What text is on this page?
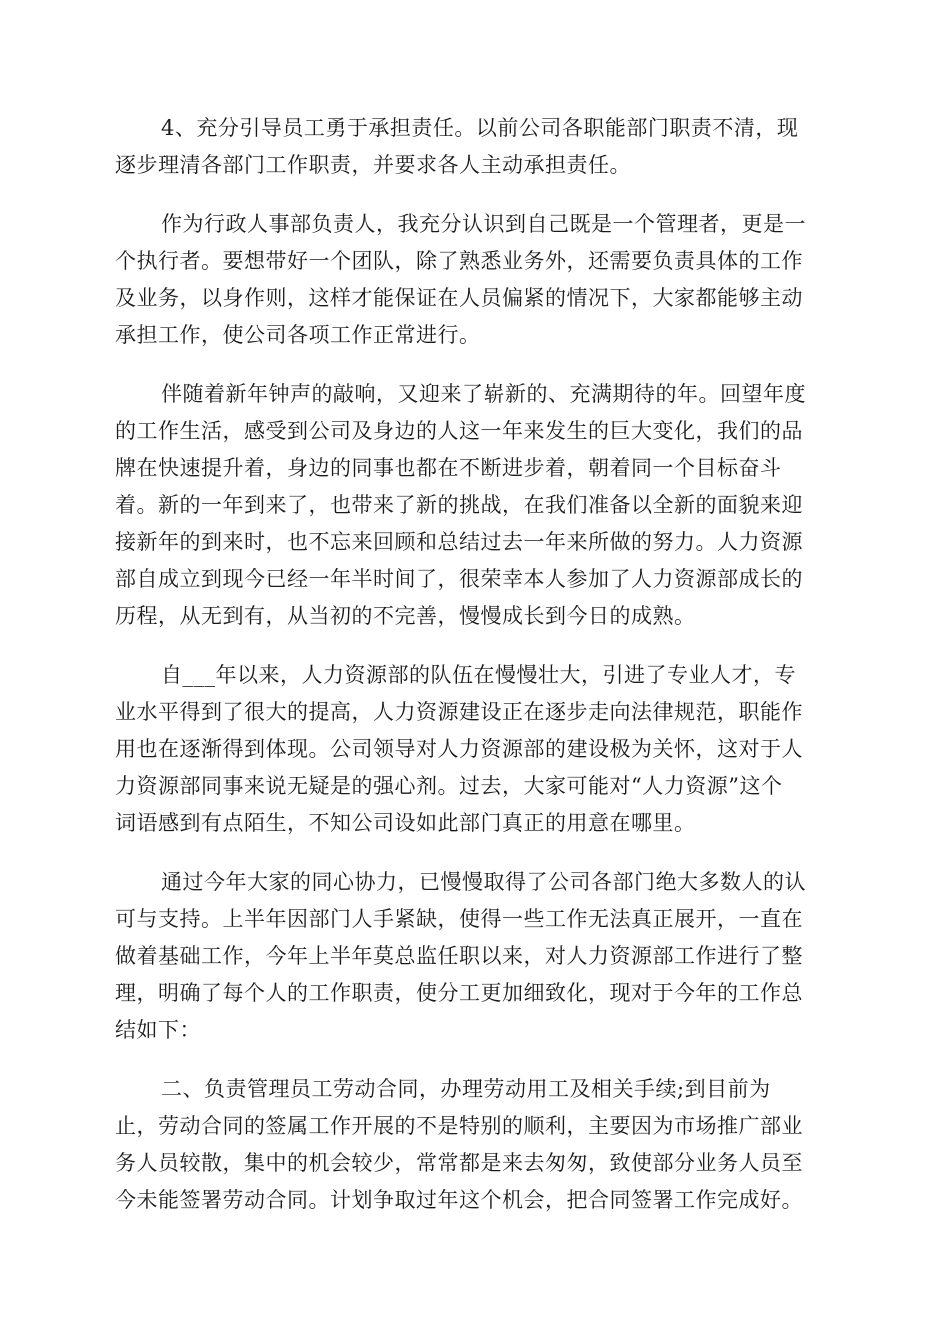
4、充分引导员工勇于承担责任。以前公司各职能部门职责不清，现
逐步理清各部门工作职责，并要求各人主动承担责任。

作为行政人事部负责人，我充分认识到自己既是一个管理者，更是一
个执行者。要想带好一个团队，除了熟悉业务外，还需要负责具体的工作
及业务，以身作则，这样才能保证在人员偏紧的情况下，大家都能够主动
承担工作，使公司各项工作正常进行。

伴随着新年钟声的敲响，又迎来了崭新的、充满期待的年。回望年度
的工作生活，感受到公司及身边的人这一年来发生的巨大变化，我们的品
牌在快速提升着，身边的同事也都在不断进步着，朝着同一个目标奋斗
着。新的一年到来了，也带来了新的挑战，在我们准备以全新的面貌来迎
接新年的到来时，也不忘来回顾和总结过去一年来所做的努力。人力资源
部自成立到现今已经一年半时间了，很荣幸本人参加了人力资源部成长的
历程，从无到有，从当初的不完善，慢慢成长到今日的成熟。

自___年以来，人力资源部的队伍在慢慢壮大，引进了专业人才，专
业水平得到了很大的提高，人力资源建设正在逐步走向法律规范，职能作
用也在逐渐得到体现。公司领导对人力资源部的建设极为关怀，这对于人
力资源部同事来说无疑是的强心剂。过去，大家可能对“人力资源”这个
词语感到有点陌生，不知公司设如此部门真正的用意在哪里。

通过今年大家的同心协力，已慢慢取得了公司各部门绝大多数人的认
可与支持。上半年因部门人手紧缺，使得一些工作无法真正展开，一直在
做着基础工作，今年上半年莫总监任职以来，对人力资源部工作进行了整
理，明确了每个人的工作职责，使分工更加细致化，现对于今年的工作总
结如下：

二、负责管理员工劳动合同，办理劳动用工及相关手续;到目前为
止，劳动合同的签属工作开展的不是特别的顺利，主要因为市场推广部业
务人员较散，集中的机会较少，常常都是来去匆匆，致使部分业务人员至
今未能签署劳动合同。计划争取过年这个机会，把合同签署工作完成好。
